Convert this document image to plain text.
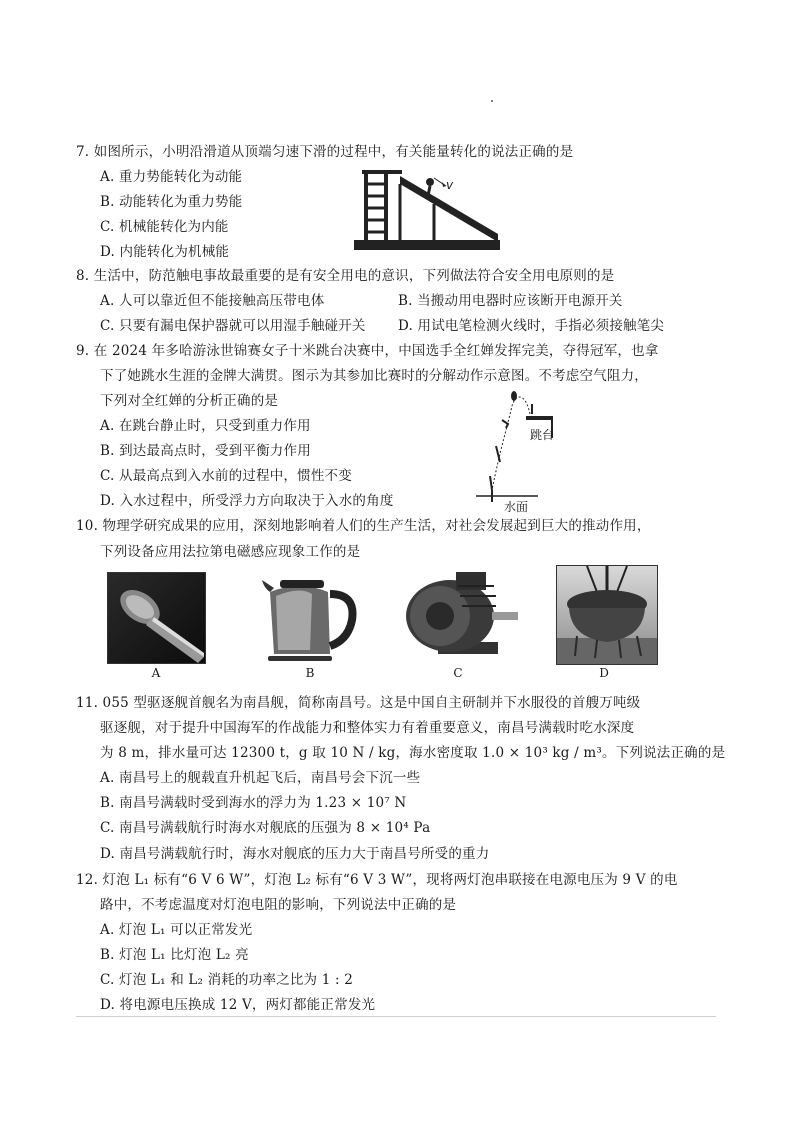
7. 如图所示，小明沿滑道从顶端匀速下滑的过程中，有关能量转化的说法正确的是
A. 重力势能转化为动能
B. 动能转化为重力势能
C. 机械能转化为内能
D. 内能转化为机械能
v
8. 生活中，防范触电事故最重要的是有安全用电的意识，下列做法符合安全用电原则的是
A. 人可以靠近但不能接触高压带电体	B. 当搬动用电器时应该断开电源开关
C. 只要有漏电保护器就可以用湿手触碰开关 D. 用试电笔检测火线时，手指必须接触笔尖
9. 在 2024 年多哈游泳世锦赛女子十米跳台决赛中，中国选手全红婵发挥完美，夺得冠军，也拿
下了她跳水生涯的金牌大满贯。图示为其参加比赛时的分解动作示意图。不考虑空气阻力，
下列对全红婵的分析正确的是
A. 在跳台静止时，只受到重力作用
B. 到达最高点时，受到平衡力作用
C. 从最高点到入水前的过程中，惯性不变
D. 入水过程中，所受浮力方向取决于入水的角度
跳台
水面
10. 物理学研究成果的应用，深刻地影响着人们的生产生活，对社会发展起到巨大的推动作用，
下列设备应用法拉第电磁感应现象工作的是
A	B	C	D
11. 055 型驱逐舰首舰名为南昌舰，简称南昌号。这是中国自主研制并下水服役的首艘万吨级
驱逐舰，对于提升中国海军的作战能力和整体实力有着重要意义，南昌号满载时吃水深度
为 8 m，排水量可达 12300 t，g 取 10 N / kg，海水密度取 1.0 × 10³ kg / m³。下列说法正确的是
A. 南昌号上的舰载直升机起飞后，南昌号会下沉一些
B. 南昌号满载时受到海水的浮力为 1.23 × 10⁷ N
C. 南昌号满载航行时海水对舰底的压强为 8 × 10⁴ Pa
D. 南昌号满载航行时，海水对舰底的压力大于南昌号所受的重力
12. 灯泡 L₁ 标有“6 V 6 W”，灯泡 L₂ 标有“6 V 3 W”，现将两灯泡串联接在电源电压为 9 V 的电
路中，不考虑温度对灯泡电阻的影响，下列说法中正确的是
A. 灯泡 L₁ 可以正常发光
B. 灯泡 L₁ 比灯泡 L₂ 亮
C. 灯泡 L₁ 和 L₂ 消耗的功率之比为 1 : 2
D. 将电源电压换成 12 V，两灯都能正常发光
